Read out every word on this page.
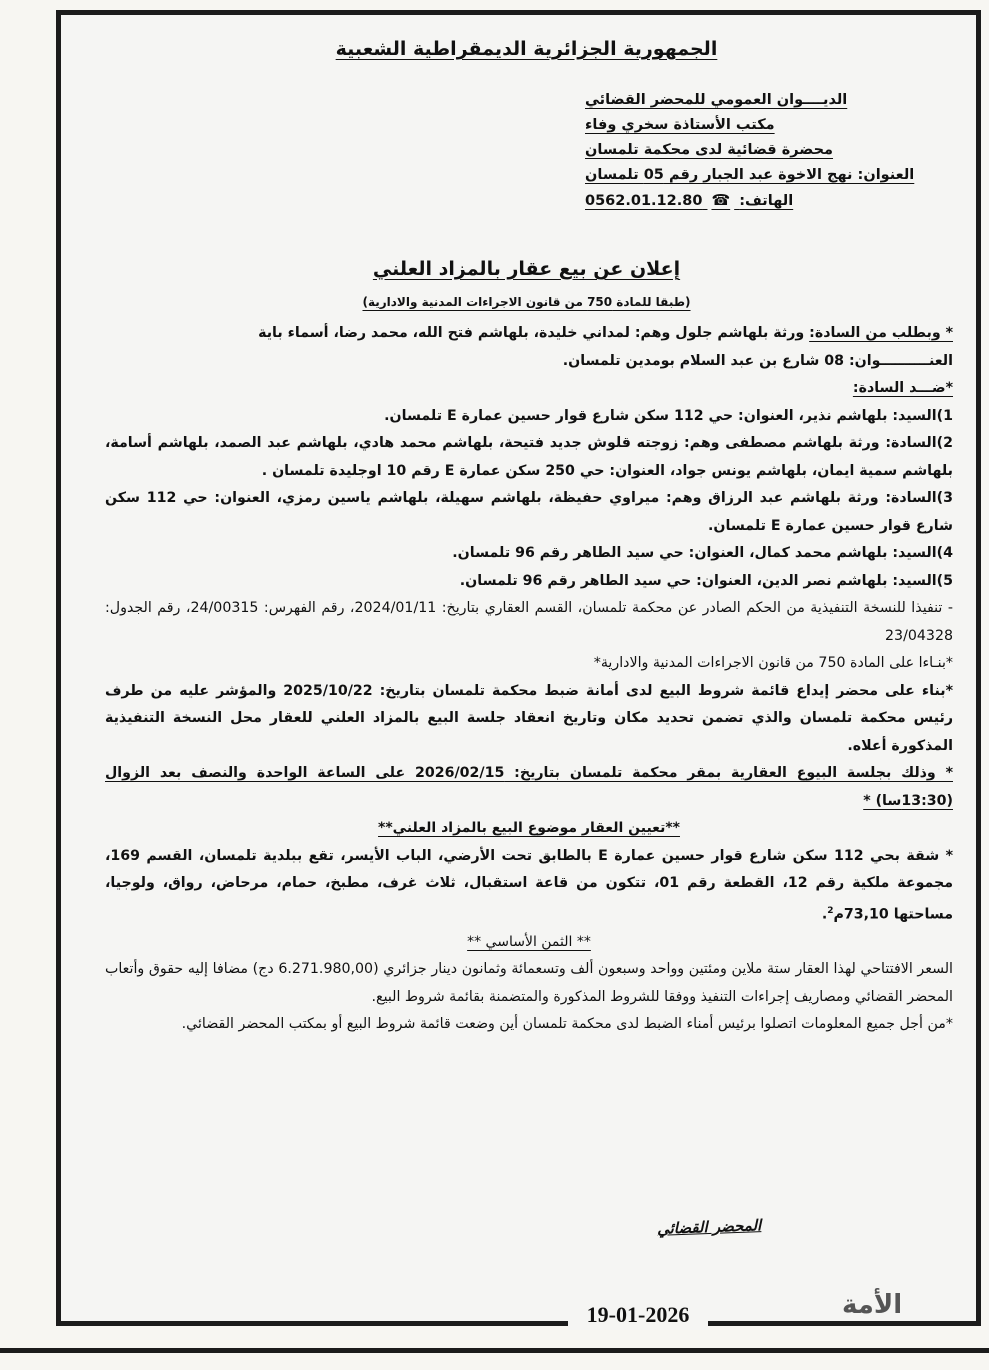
الجمهورية الجزائرية الديمقراطية الشعبية
الديــــوان العمومي للمحضر القضائي
مكتب الأستاذة سخري وفاء
محضرة قضائية لدى محكمة تلمسان
العنوان: نهج الاخوة عبد الجبار رقم 05 تلمسان
الهاتف: ☎ 0562.01.12.80
إعلان عن بيع عقار بالمزاد العلني
(طبقا للمادة 750 من قانون الاجراءات المدنية والادارية)

* وبطلب من السادة: ورثة بلهاشم جلول وهم: لمداني خليدة، بلهاشم فتح الله، محمد رضا، أسماء باية

العنــــــــــوان: 08 شارع بن عبد السلام بومدين تلمسان.

*ضـــد السادة:

1)السيد: بلهاشم نذير، العنوان: حي 112 سكن شارع قوار حسين عمارة E تلمسان.

2)السادة: ورثة بلهاشم مصطفى وهم: زوجته قلوش جديد فتيحة، بلهاشم محمد هادي، بلهاشم عبد الصمد، بلهاشم أسامة، بلهاشم سمية ايمان، بلهاشم يونس جواد، العنوان: حي 250 سكن عمارة E رقم 10 اوجليدة تلمسان .

3)السادة: ورثة بلهاشم عبد الرزاق وهم: ميراوي حفيظة، بلهاشم سهيلة، بلهاشم ياسين رمزي، العنوان: حي 112 سكن شارع قوار حسين عمارة E تلمسان.

4)السيد: بلهاشم محمد كمال، العنوان: حي سيد الطاهر رقم 96 تلمسان.

5)السيد: بلهاشم نصر الدين، العنوان: حي سيد الطاهر رقم 96 تلمسان.

- تنفيذا للنسخة التنفيذية من الحكم الصادر عن محكمة تلمسان، القسم العقاري بتاريخ: 2024/01/11، رقم الفهرس: 24/00315، رقم الجدول: 23/04328

*بنـاءا على المادة 750 من قانون الاجراءات المدنية والادارية*

*بناء على محضر إيداع قائمة شروط البيع لدى أمانة ضبط محكمة تلمسان بتاريخ: 2025/10/22 والمؤشر عليه من طرف رئيس محكمة تلمسان والذي تضمن تحديد مكان وتاريخ انعقاد جلسة البيع بالمزاد العلني للعقار محل النسخة التنفيذية المذكورة أعلاه.

* وذلك بجلسة البيوع العقارية بمقر محكمة تلمسان بتاريخ: 2026/02/15 على الساعة الواحدة والنصف بعد الزوال (13:30سا) *

**تعيين العقار موضوع البيع بالمزاد العلني**

* شقة بحي 112 سكن شارع قوار حسين عمارة E بالطابق تحت الأرضي، الباب الأيسر، تقع ببلدية تلمسان، القسم 169، مجموعة ملكية رقم 12، القطعة رقم 01، تتكون من قاعة استقبال، ثلاث غرف، مطبخ، حمام، مرحاض، رواق، ولوجيا، مساحتها 73,10م$^2$.

** الثمن الأساسي **

السعر الافتتاحي لهذا العقار ستة ملاين ومئتين وواحد وسبعون ألف وتسعمائة وثمانون دينار جزائري (6.271.980,00 دج) مضافا إليه حقوق وأتعاب المحضر القضائي ومصاريف إجراءات التنفيذ ووفقا للشروط المذكورة والمتضمنة بقائمة شروط البيع.

*من أجل جميع المعلومات اتصلوا برئيس أمناء الضبط لدى محكمة تلمسان أين وضعت قائمة شروط البيع أو بمكتب المحضر القضائي.

المحضر القضائي
19-01-2026	الأمة
